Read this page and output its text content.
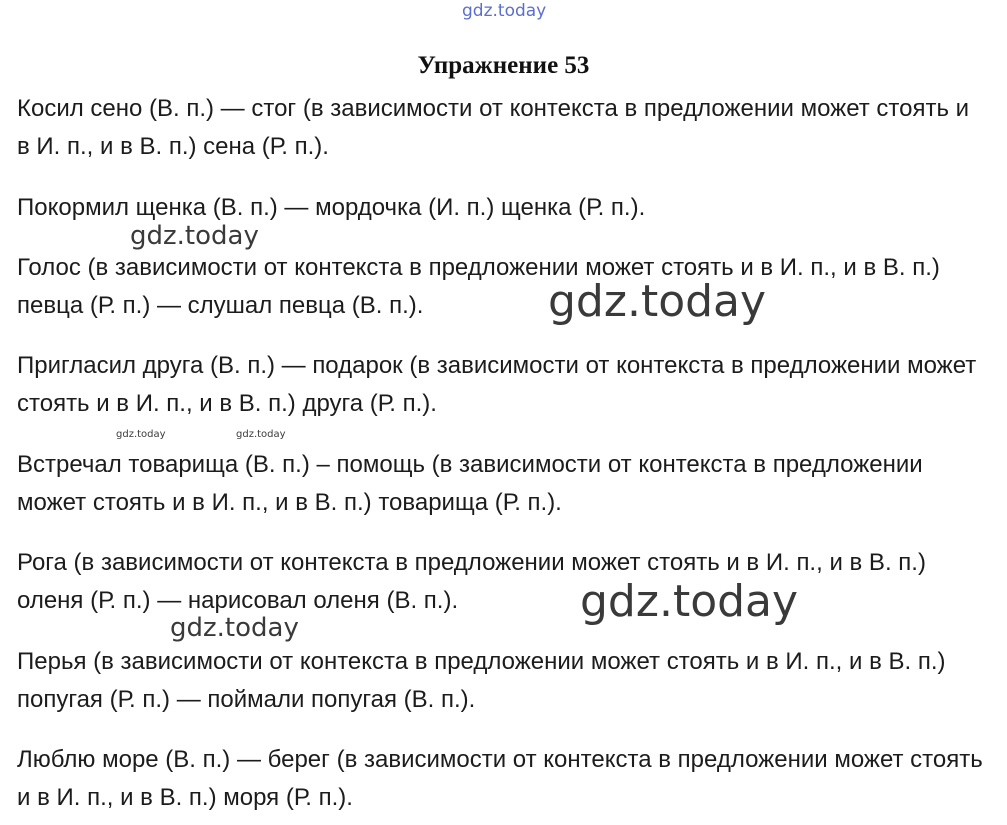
gdz.today
Упражнение 53

Косил сено (В. п.) — стог (в зависимости от контекста в предложении может стоять и в И. п., и в В. п.) сена (Р. п.).

Покормил щенка (В. п.) — мордочка (И. п.) щенка (Р. п.).

Голос (в зависимости от контекста в предложении может стоять и в И. п., и в В. п.) певца (Р. п.) — слушал певца (В. п.).

Пригласил друга (В. п.) — подарок (в зависимости от контекста в предложении может стоять и в И. п., и в В. п.) друга (Р. п.).

Встречал товарища (В. п.) – помощь (в зависимости от контекста в предложении может стоять и в И. п., и в В. п.) товарища (Р. п.).

Рога (в зависимости от контекста в предложении может стоять и в И. п., и в В. п.) оленя (Р. п.) — нарисовал оленя (В. п.).

Перья (в зависимости от контекста в предложении может стоять и в И. п., и в В. п.) попугая (Р. п.) — поймали попугая (В. п.).

Люблю море (В. п.) — берег (в зависимости от контекста в предложении может стоять и в И. п., и в В. п.) моря (Р. п.).

gdz.today
gdz.today
gdz.today	gdz.today
gdz.today
gdz.today
